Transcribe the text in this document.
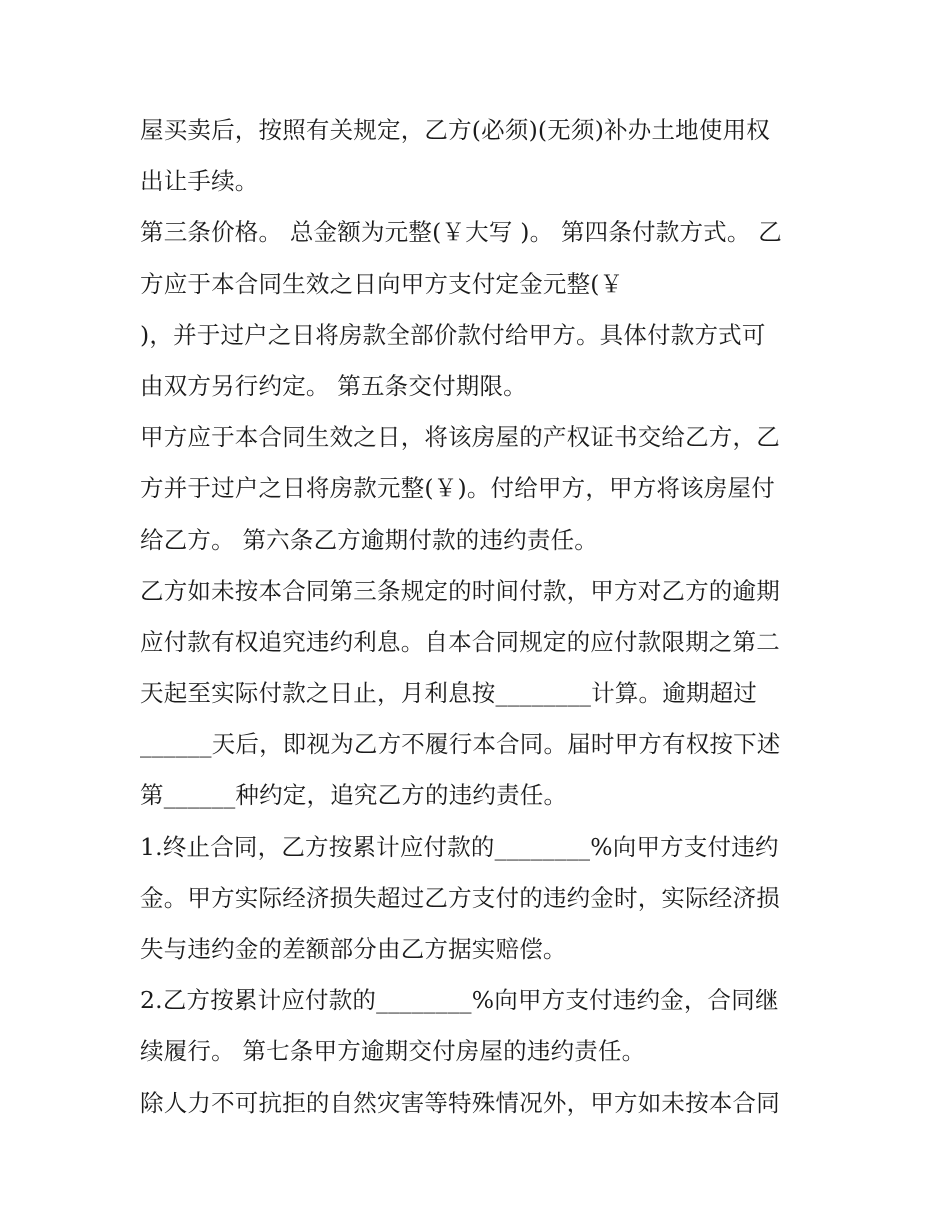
屋买卖后，按照有关规定，乙方(必须)(无须)补办土地使用权
出让手续。
第三条价格。 总金额为元整(￥大写 )。 第四条付款方式。 乙
方应于本合同生效之日向甲方支付定金元整(￥
)，并于过户之日将房款全部价款付给甲方。具体付款方式可
由双方另行约定。 第五条交付期限。
甲方应于本合同生效之日，将该房屋的产权证书交给乙方，乙
方并于过户之日将房款元整(￥)。付给甲方，甲方将该房屋付
给乙方。 第六条乙方逾期付款的违约责任。
乙方如未按本合同第三条规定的时间付款，甲方对乙方的逾期
应付款有权追究违约利息。自本合同规定的应付款限期之第二
天起至实际付款之日止，月利息按________计算。逾期超过
______天后，即视为乙方不履行本合同。届时甲方有权按下述
第______种约定，追究乙方的违约责任。
1.终止合同，乙方按累计应付款的________%向甲方支付违约
金。甲方实际经济损失超过乙方支付的违约金时，实际经济损
失与违约金的差额部分由乙方据实赔偿。
2.乙方按累计应付款的________%向甲方支付违约金，合同继
续履行。 第七条甲方逾期交付房屋的违约责任。
除人力不可抗拒的自然灾害等特殊情况外，甲方如未按本合同
